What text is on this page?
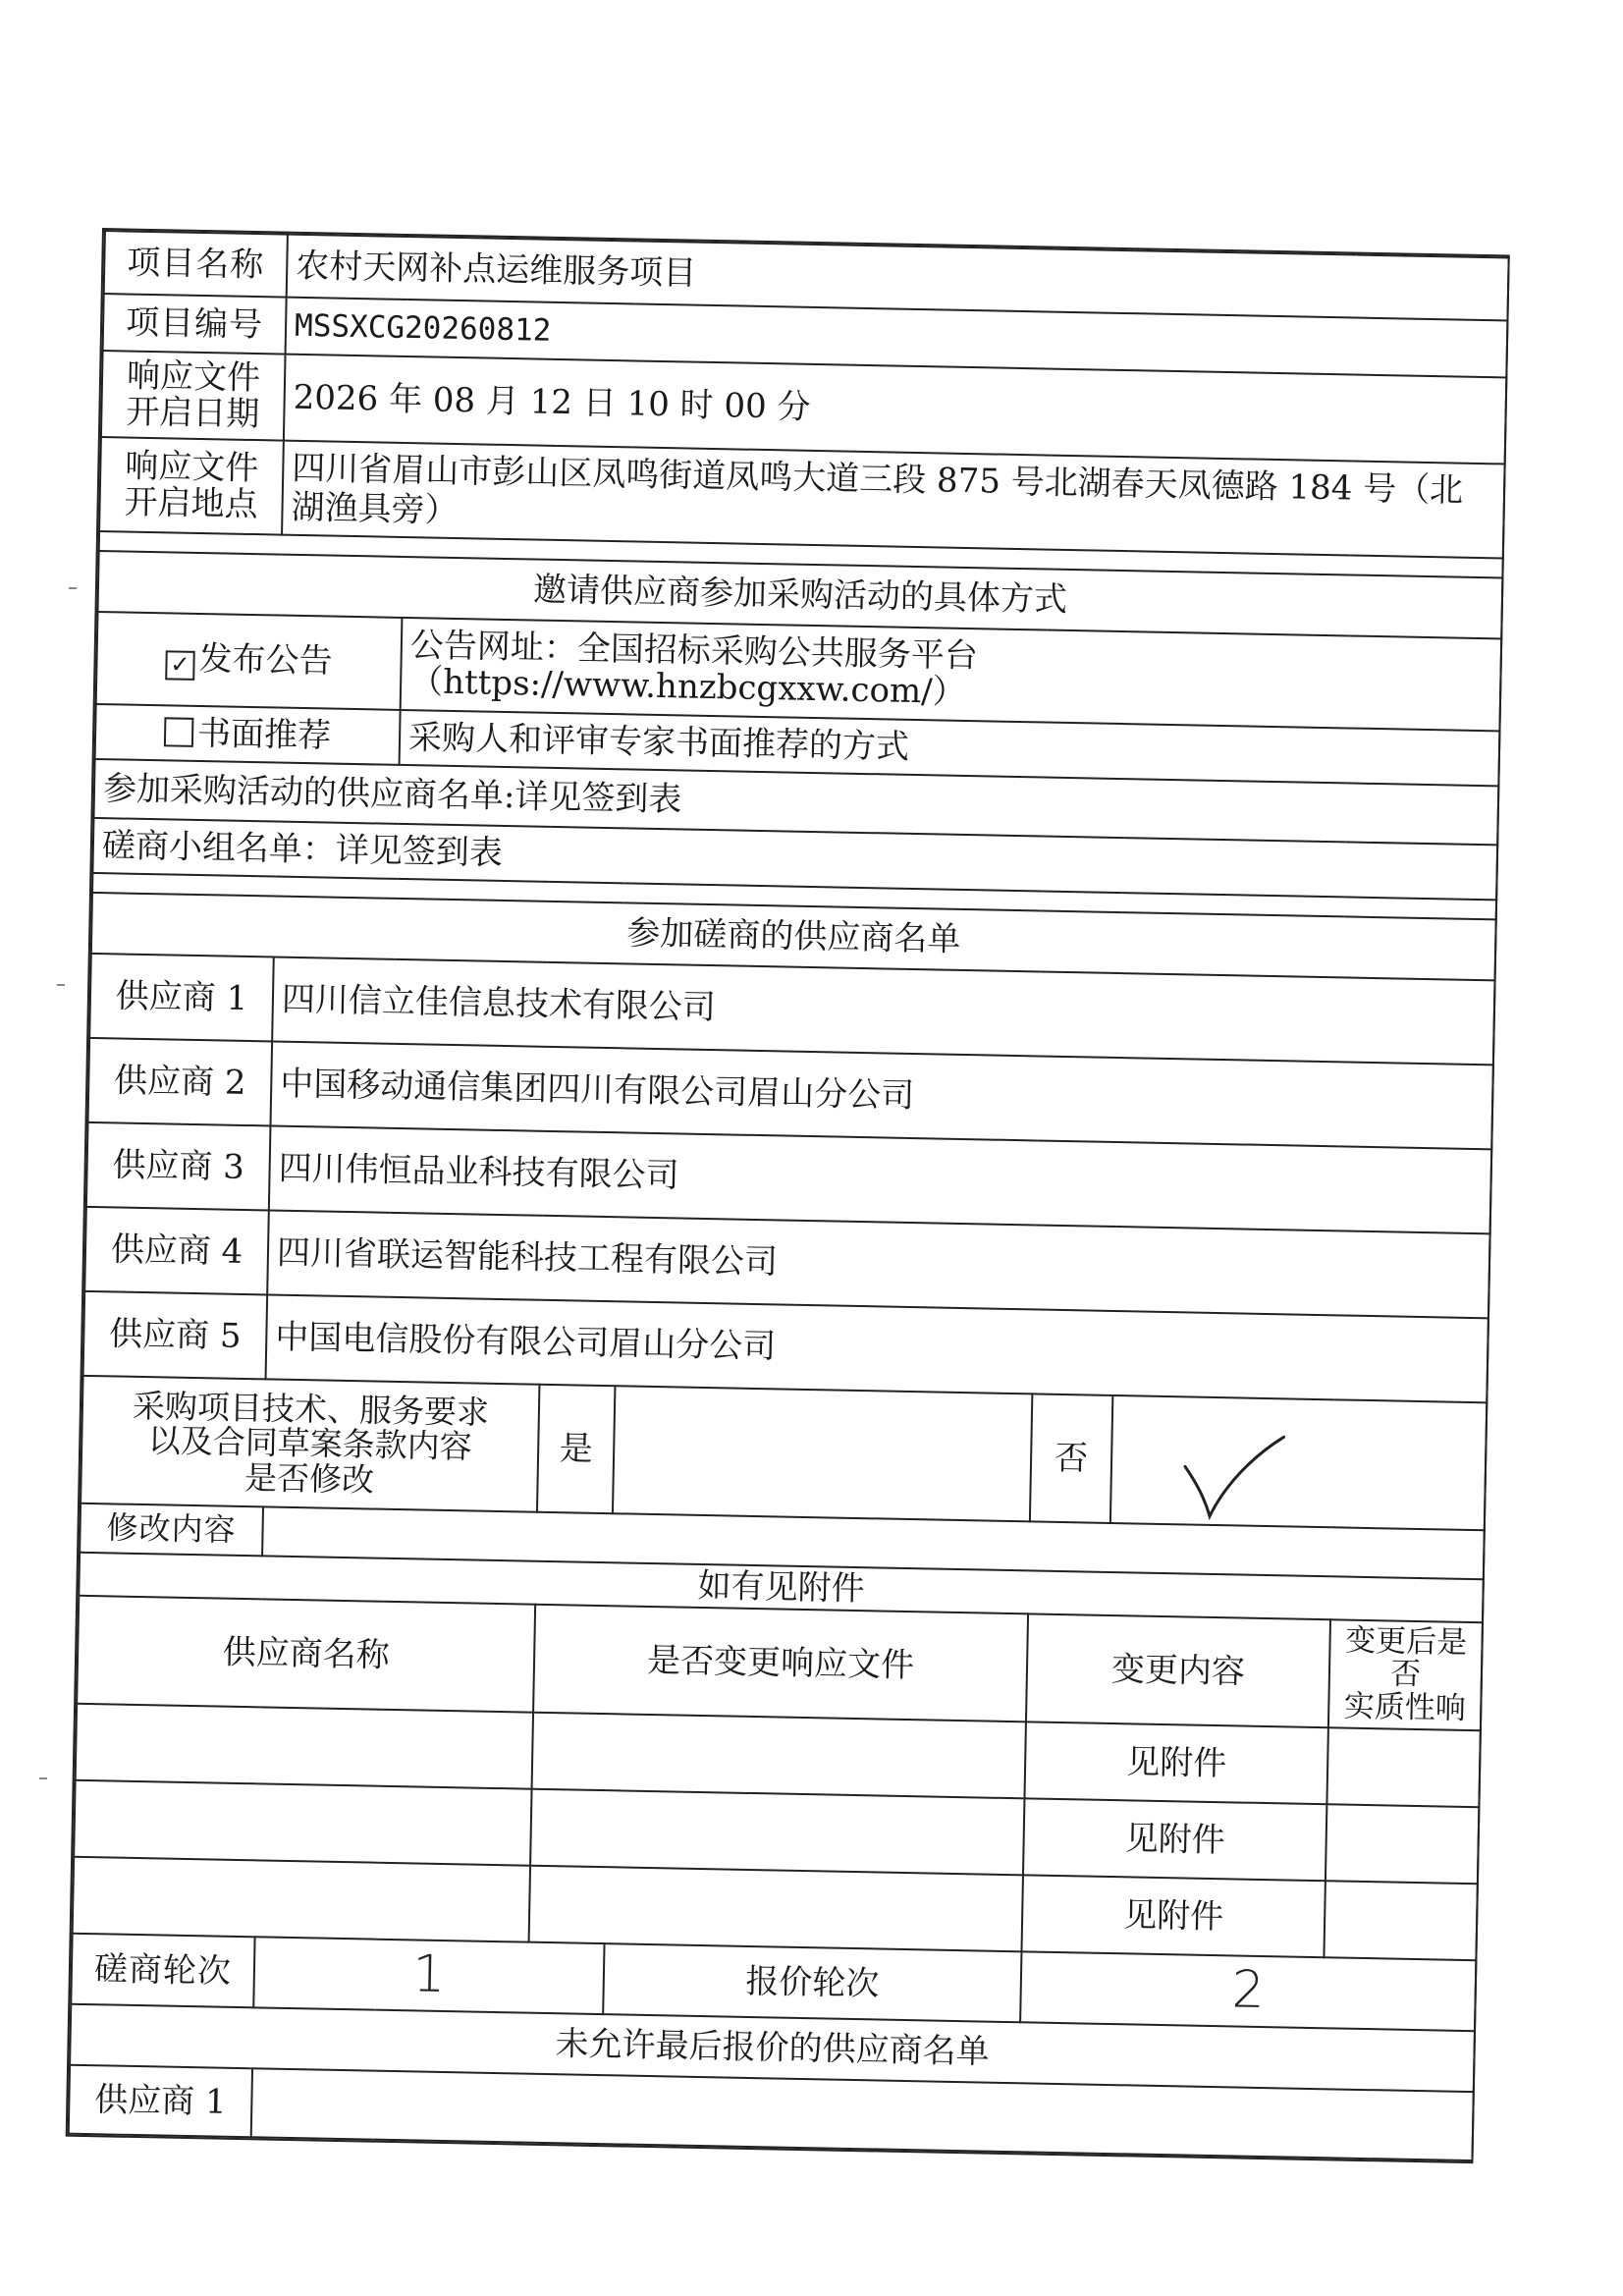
项目名称	农村天网补点运维服务项目						
项目编号	MSSXCG20260812						
响应文件
开启日期	2026 年 08 月 12 日 10 时 00 分						
响应文件
开启地点	四川省眉山市彭山区凤鸣街道凤鸣大道三段 875 号北湖春天凤德路 184 号（北湖渔具旁）						

邀请供应商参加采购活动的具体方式							
✓ 发布公告		公告网址：全国招标采购公共服务平台
（https://www.hnzbcgxxw.com/）					
书面推荐		采购人和评审专家书面推荐的方式					
参加采购活动的供应商名单:详见签到表							
磋商小组名单：详见签到表							

参加磋商的供应商名单							
供应商 1	四川信立佳信息技术有限公司						
供应商 2	中国移动通信集团四川有限公司眉山分公司						
供应商 3	四川伟恒品业科技有限公司						
供应商 4	四川省联运智能科技工程有限公司						
供应商 5	中国电信股份有限公司眉山分公司						
采购项目技术、服务要求
以及合同草案条款内容
是否修改			是		否	

修改内容							
如有见附件							
供应商名称			是否变更响应文件		变更内容		变更后是否
实质性响
					见附件		
					见附件		
					见附件		
磋商轮次	1			报价轮次	2		
未允许最后报价的供应商名单							
供应商 1							
